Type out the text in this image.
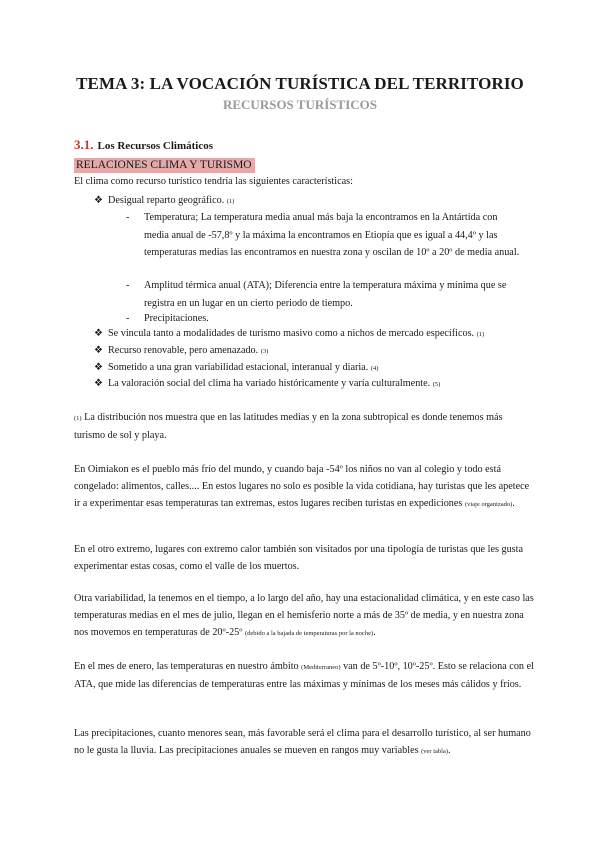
TEMA 3: LA VOCACIÓN TURÍSTICA DEL TERRITORIO
RECURSOS TURÍSTICOS
3.1. Los Recursos Climáticos
RELACIONES CLIMA Y TURISMO
El clima como recurso turístico tendría las siguientes características:
❖ Desigual reparto geográfico. (1)
- Temperatura; La temperatura media anual más baja la encontramos en la Antártida con media anual de -57,8º y la máxima la encontramos en Etiopía que es igual a 44,4º y las temperaturas medias las encontramos en nuestra zona y oscilan de 10º a 20º de media anual.
- Amplitud térmica anual (ATA); Diferencia entre la temperatura máxima y mínima que se registra en un lugar en un cierto periodo de tiempo.
- Precipitaciones.
❖ Se vincula tanto a modalidades de turismo masivo como a nichos de mercado específicos. (1)
❖ Recurso renovable, pero amenazado. (3)
❖ Sometido a una gran variabilidad estacional, interanual y diaria. (4)
❖ La valoración social del clima ha variado históricamente y varía culturalmente. (5)

(1) La distribución nos muestra que en las latitudes medias y en la zona subtropical es donde tenemos más turismo de sol y playa.

En Oimiakon es el pueblo más frío del mundo, y cuando baja -54º los niños no van al colegio y todo está congelado: alimentos, calles.... En estos lugares no solo es posible la vida cotidiana, hay turistas que les apetece ir a experimentar esas temperaturas tan extremas, estos lugares reciben turistas en expediciones (viaje organizado).

En el otro extremo, lugares con extremo calor también son visitados por una tipología de turistas que les gusta experimentar estas cosas, como el valle de los muertos.

Otra variabilidad, la tenemos en el tiempo, a lo largo del año, hay una estacionalidad climática, y en este caso las temperaturas medias en el mes de julio, llegan en el hemisferio norte a más de 35º de media, y en nuestra zona nos movemos en temperaturas de 20º-25º (debido a la bajada de temperaturas por la noche).

En el mes de enero, las temperaturas en nuestro ámbito (Mediterraneo) van de 5º-10º, 10º-25º. Esto se relaciona con el ATA, que mide las diferencias de temperaturas entre las máximas y mínimas de los meses más cálidos y fríos.

Las precipitaciones, cuanto menores sean, más favorable será el clima para el desarrollo turístico, al ser humano no le gusta la lluvia. Las precipitaciones anuales se mueven en rangos muy variables (ver tabla).
